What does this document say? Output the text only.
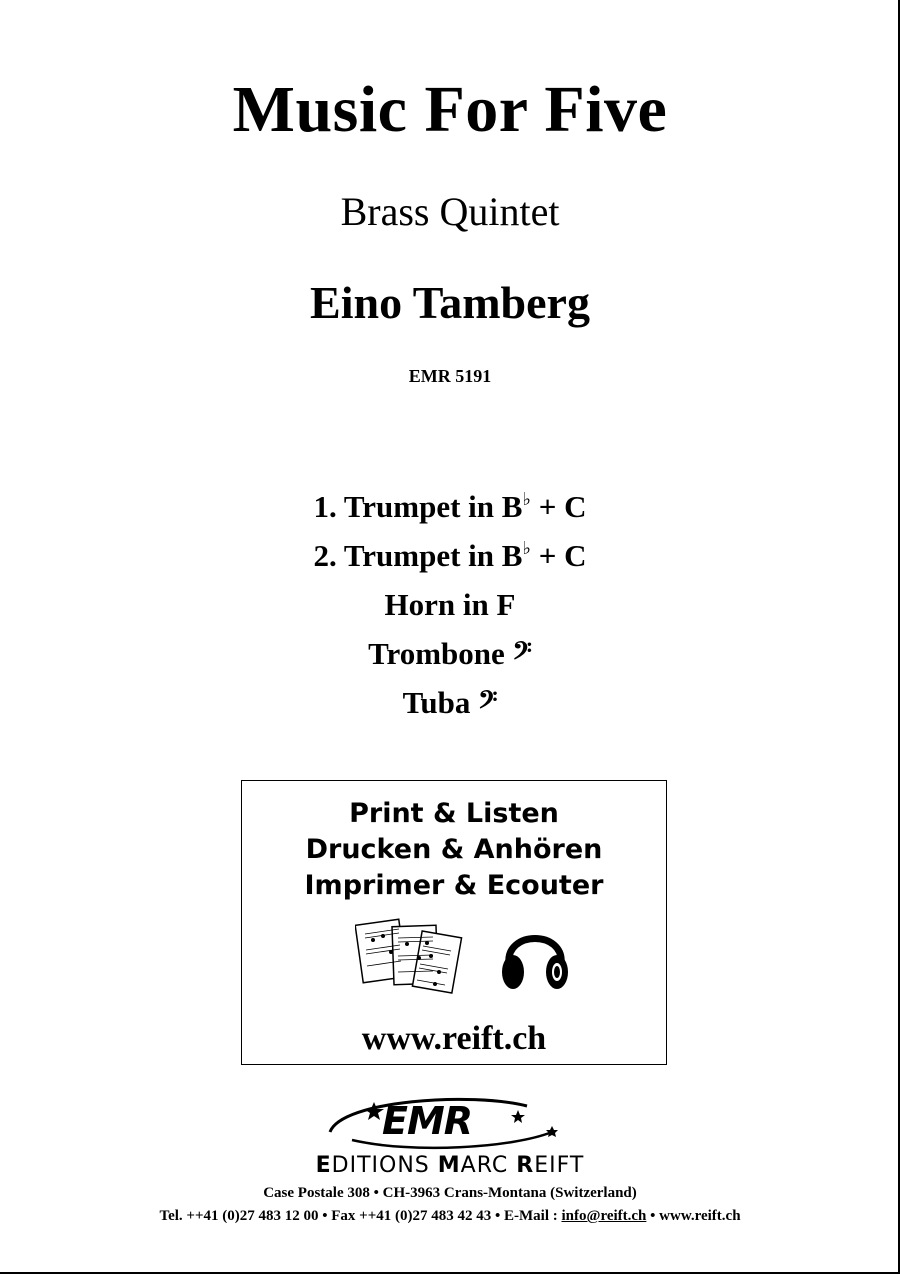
Music For Five
Brass Quintet
Eino Tamberg
EMR 5191
1. Trumpet in B♭ + C
2. Trumpet in B♭ + C
Horn in F
Trombone 𝄢
Tuba 𝄢
Print & Listen
Drucken & Anhören
Imprimer & Ecouter
www.reift.ch
EMR
EDITIONS MARC REIFT
Case Postale 308 • CH-3963 Crans-Montana (Switzerland)
Tel. ++41 (0)27 483 12 00 • Fax ++41 (0)27 483 42 43 • E-Mail : info@reift.ch • www.reift.ch
